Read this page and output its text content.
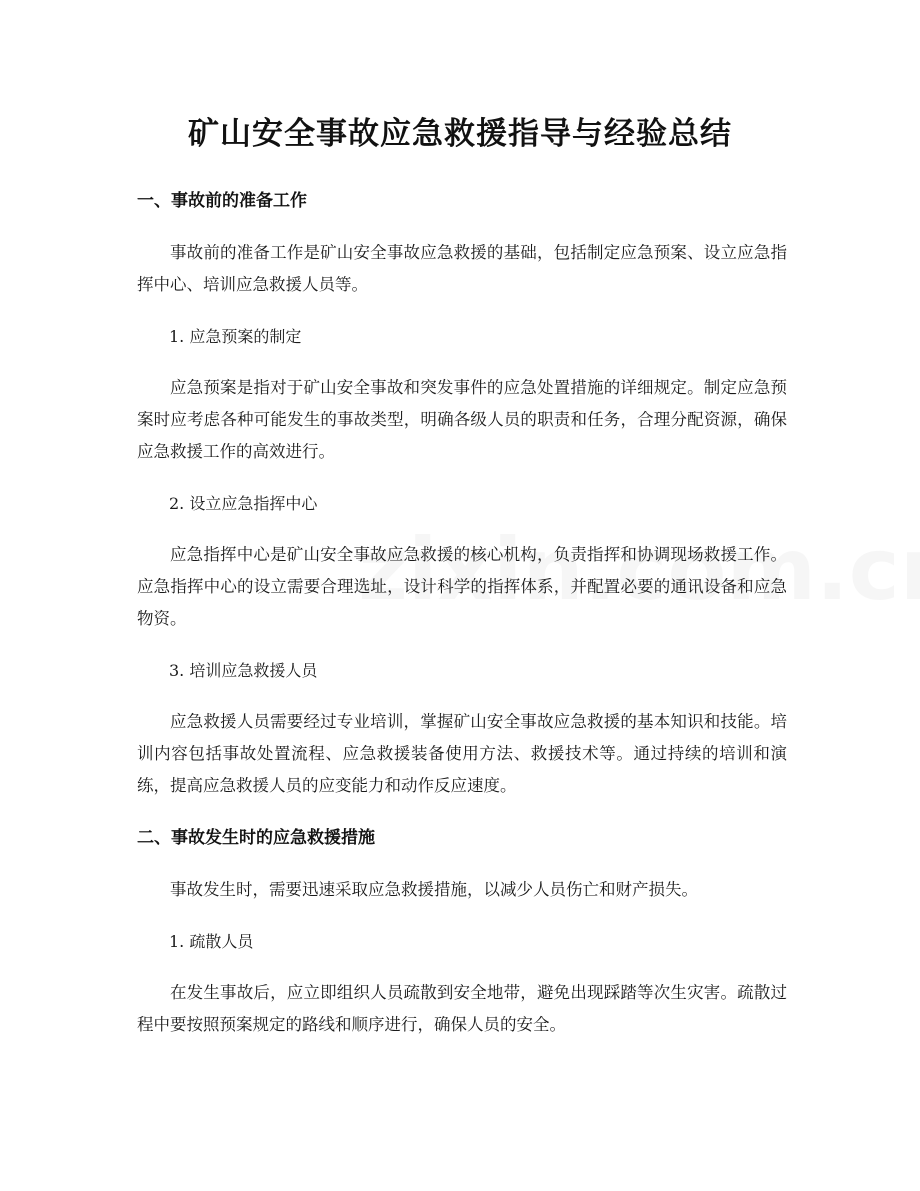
矿山安全事故应急救援指导与经验总结
一、事故前的准备工作

事故前的准备工作是矿山安全事故应急救援的基础，包括制定应急预案、设立应急指挥中心、培训应急救援人员等。

1. 应急预案的制定

应急预案是指对于矿山安全事故和突发事件的应急处置措施的详细规定。制定应急预案时应考虑各种可能发生的事故类型，明确各级人员的职责和任务，合理分配资源，确保应急救援工作的高效进行。

2. 设立应急指挥中心

应急指挥中心是矿山安全事故应急救援的核心机构，负责指挥和协调现场救援工作。应急指挥中心的设立需要合理选址，设计科学的指挥体系，并配置必要的通讯设备和应急物资。

3. 培训应急救援人员

应急救援人员需要经过专业培训，掌握矿山安全事故应急救援的基本知识和技能。培训内容包括事故处置流程、应急救援装备使用方法、救援技术等。通过持续的培训和演练，提高应急救援人员的应变能力和动作反应速度。

二、事故发生时的应急救援措施

事故发生时，需要迅速采取应急救援措施，以减少人员伤亡和财产损失。

1. 疏散人员

在发生事故后，应立即组织人员疏散到安全地带，避免出现踩踏等次生灾害。疏散过程中要按照预案规定的路线和顺序进行，确保人员的安全。
